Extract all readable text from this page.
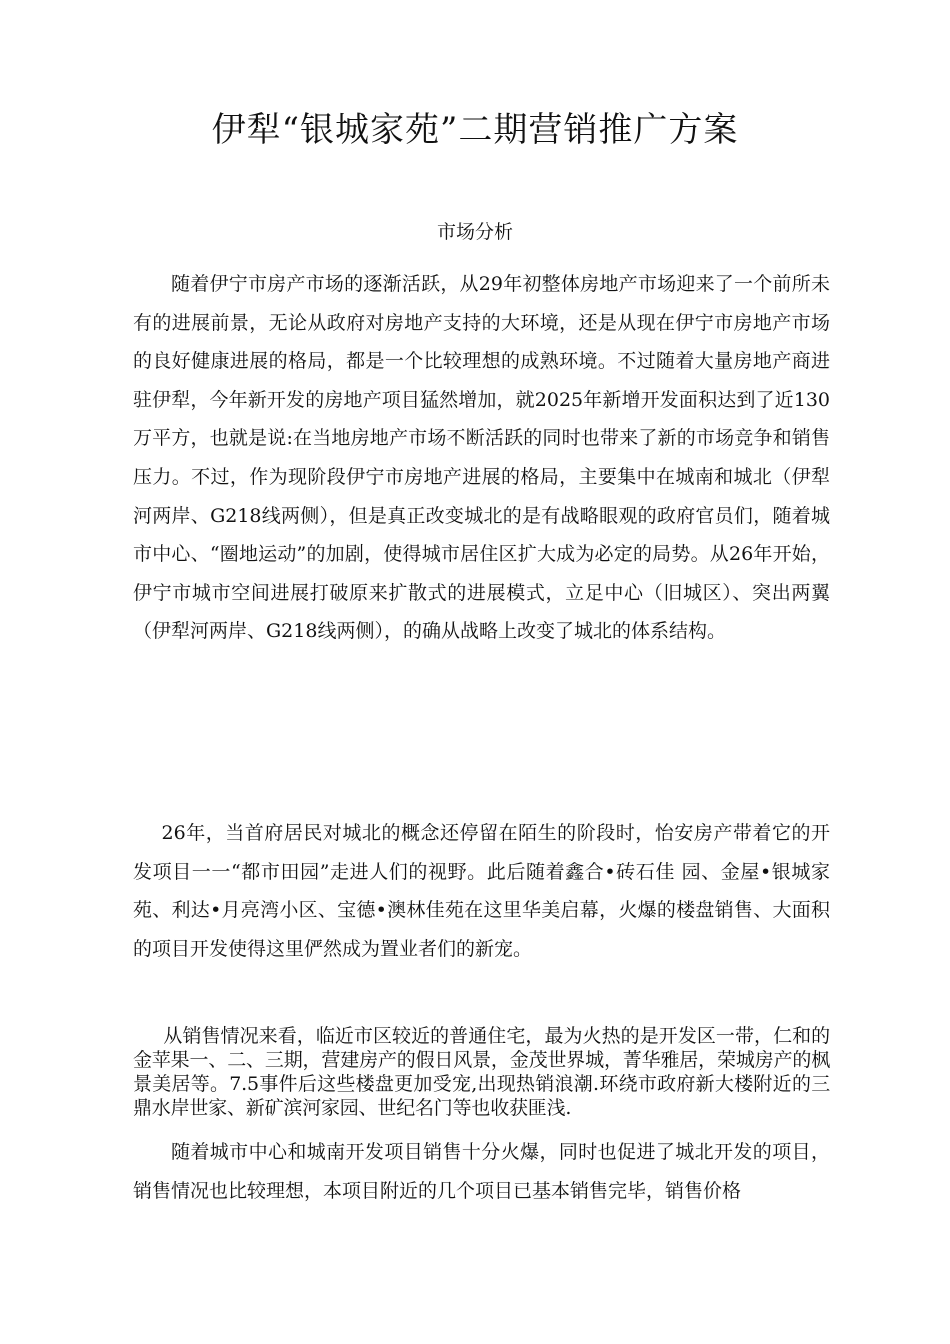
伊犁“银城家苑”二期营销推广方案
市场分析

随着伊宁市房产市场的逐渐活跃，从29年初整体房地产市场迎来了一个前所未有的进展前景，无论从政府对房地产支持的大环境，还是从现在伊宁市房地产市场的良好健康进展的格局，都是一个比较理想的成熟环境。不过随着大量房地产商进驻伊犁，今年新开发的房地产项目猛然增加，就2025年新增开发面积达到了近130万平方，也就是说:在当地房地产市场不断活跃的同时也带来了新的市场竞争和销售压力。不过，作为现阶段伊宁市房地产进展的格局，主要集中在城南和城北（伊犁河两岸、G218线两侧），但是真正改变城北的是有战略眼观的政府官员们，随着城市中心、“圈地运动”的加剧，使得城市居住区扩大成为必定的局势。从26年开始，伊宁市城市空间进展打破原来扩散式的进展模式，立足中心（旧城区）、突出两翼（伊犁河两岸、G218线两侧），的确从战略上改变了城北的体系结构。

26年，当首府居民对城北的概念还停留在陌生的阶段时，怡安房产带着它的开发项目一一“都市田园”走进人们的视野。此后随着鑫合•砖石佳 园、金屋•银城家苑、利达•月亮湾小区、宝德•澳林佳苑在这里华美启幕，火爆的楼盘销售、大面积的项目开发使得这里俨然成为置业者们的新宠。

从销售情况来看，临近市区较近的普通住宅，最为火热的是开发区一带，仁和的金苹果一、二、三期，营建房产的假日风景，金茂世界城，菁华雅居，荣城房产的枫景美居等。7.5事件后这些楼盘更加受宠,出现热销浪潮.环绕市政府新大楼附近的三鼎水岸世家、新矿滨河家园、世纪名门等也收获匪浅.

随着城市中心和城南开发项目销售十分火爆，同时也促进了城北开发的项目，销售情况也比较理想，本项目附近的几个项目已基本销售完毕，销售价格
